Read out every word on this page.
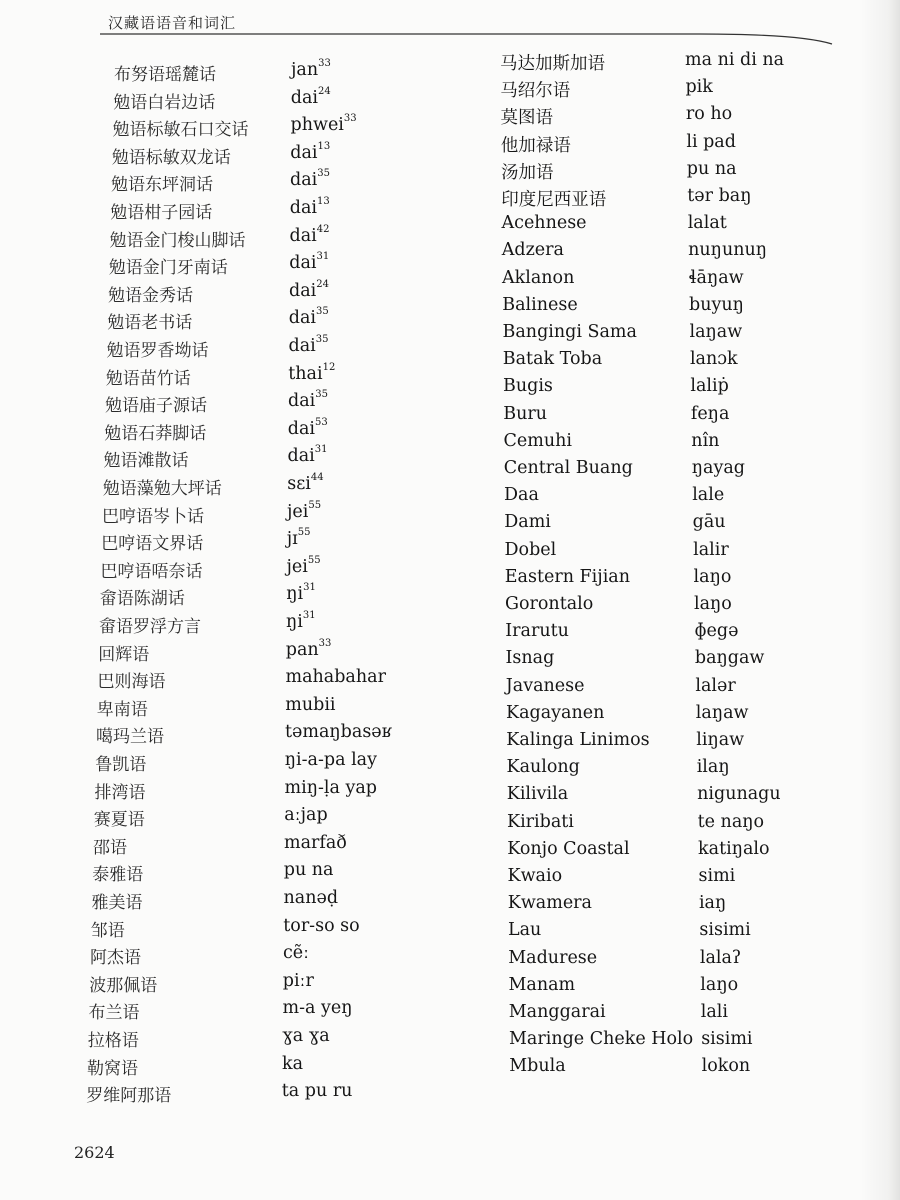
汉藏语语音和词汇
布努语瑶麓话	jan$^{33}$
勉语白岩边话	dai$^{24}$
勉语标敏石口交话 phwei$^{33}$
勉语标敏双龙话	dai$^{13}$
勉语东坪洞话	dai$^{35}$
勉语柑子园话	dai$^{13}$
勉语金门梭山脚话	dai$^{42}$
勉语金门牙南话	dai$^{31}$
勉语金秀话	dai$^{24}$
勉语老书话	dai$^{35}$
勉语罗香坳话	dai$^{35}$
勉语苗竹话	thai$^{12}$
勉语庙子源话	dai$^{35}$
勉语石莽脚话	dai$^{53}$
勉语滩散话	dai$^{31}$
勉语藻勉大坪话	sɛi$^{44}$
巴哼语岑卜话	jei$^{55}$
巴哼语文界话	jɪ$^{55}$
巴哼语唔奈话	jei$^{55}$
畲语陈湖话	$ŋi^{31}$
畲语罗浮方言	$ŋi^{31}$
回辉语	pan$^{33}$
巴则海语	mahabahar
卑南语	mubii
噶玛兰语	təmaŋbasəʁ
鲁凯语	ŋi-a-pa lay
排湾语	miŋ-ḷa yap
赛夏语	aːjap
邵语	marfað
泰雅语	pu na
雅美语	nanəḍ
邹语	tor-so so
阿杰语	cẽː
波那佩语	piːr
布兰语	m-a yeŋ
拉格语	ɣa ɣa
勒窝语	ka
罗维阿那语	ta pu ru
马达加斯加语	ma ni di na
马绍尔语	pik
莫图语	ro ho
他加禄语	li pad
汤加语	pu na
印度尼西亚语	tər baŋ
Acehnese	lalat
Adzera	nuŋunuŋ
Aklanon	ɬāŋaw
Balinese	buyuŋ
Bangingi Sama	laŋaw
Batak Toba	lanɔk
Bugis	laliṗ
Buru	feŋa
Cemuhi	nîn
Central Buang	ŋayag
Daa	lale
Dami	gāu
Dobel	lalir
Eastern Fijian	laŋo
Gorontalo	laŋo
Irarutu	ɸegə
Isnag	baŋgaw
Javanese	lalər
Kagayanen	laŋaw
Kalinga Linimos	liŋaw
Kaulong	ilaŋ
Kilivila	nigunagu
Kiribati	te naŋo
Konjo Coastal	katiŋalo
Kwaio	simi
Kwamera	iaŋ
Lau	sisimi
Madurese	lalaʔ
Manam	laŋo
Manggarai	lali
Maringe Cheke Holo sisimi
Mbula	lokon
2624
